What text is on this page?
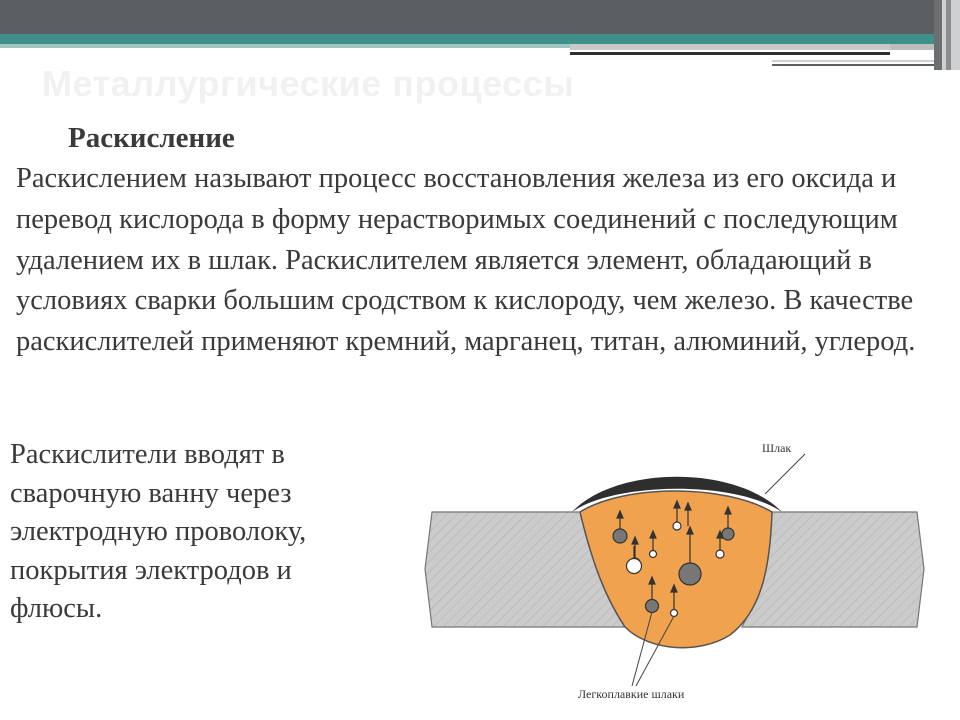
Металлургические процессы
Раскисление

Раскислением называют процесс восстановления железа из его оксида и перевод кислорода в форму нерастворимых соединений с последующим удалением их в шлак. Раскислителем является элемент, обладающий в условиях сварки большим сродством к кислороду, чем железо. В качестве раскислителей применяют кремний, марганец, титан, алюминий, углерод.

Раскислители вводят в сварочную ванну через электродную проволоку, покрытия электродов и флюсы.

Шлак
Легкоплавкие шлаки
